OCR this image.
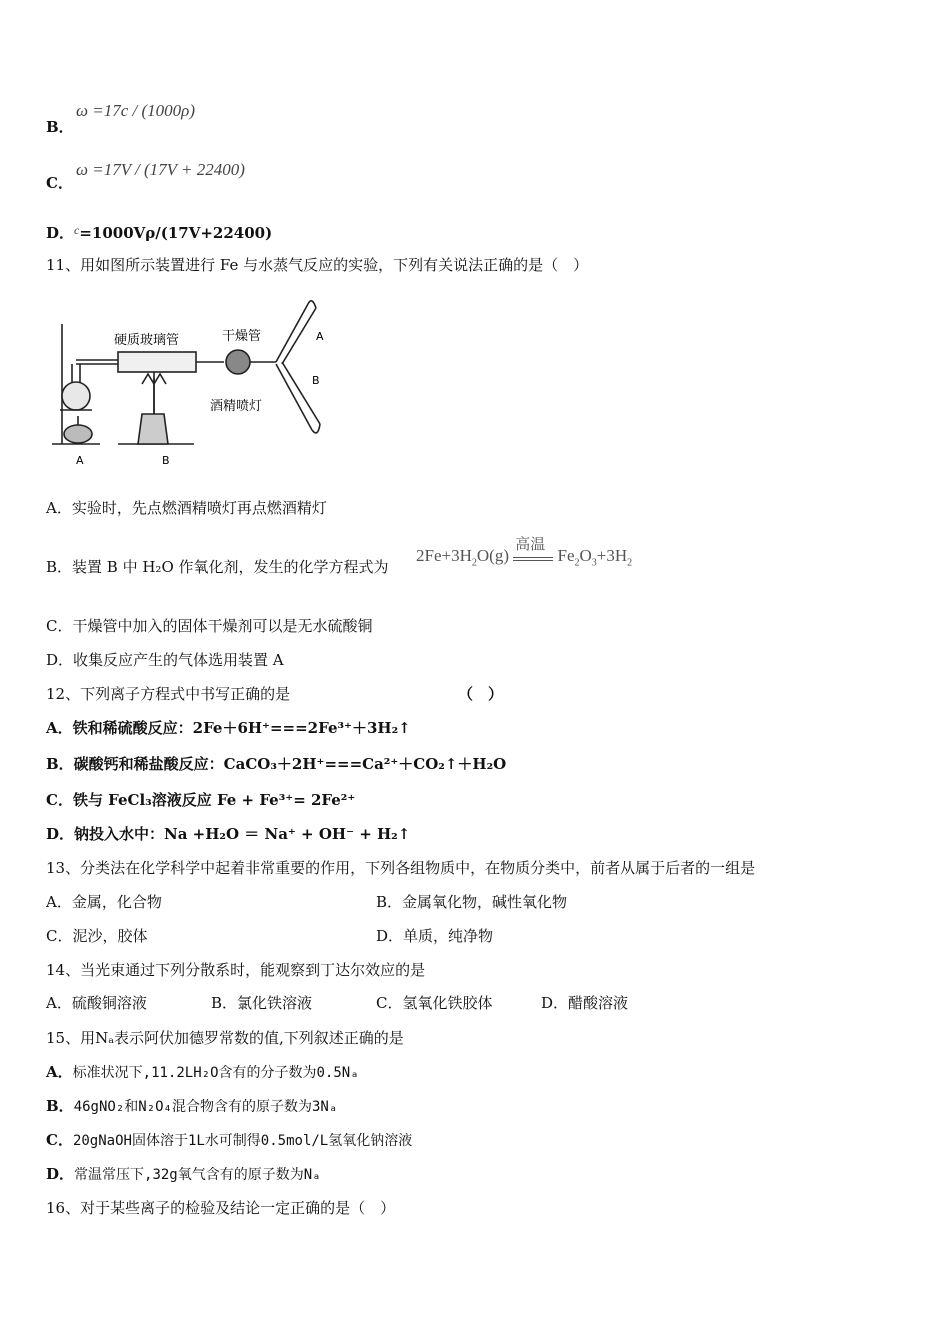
B．
ω =17c / (1000ρ)
C．
ω =17V / (17V + 22400)
D．$^c$=1000Vρ/(17V+22400)
11、用如图所示装置进行 Fe 与水蒸气反应的实验，下列有关说法正确的是（　）
硬质玻璃管	干燥管
酒精喷灯
A	B
A
B
A．实验时，先点燃酒精喷灯再点燃酒精灯
B．装置 B 中 H₂O 作氧化剂，发生的化学方程式为
$2Fe+3H_2O(g)$
高温
$Fe_2O_3+3H_2$
C．干燥管中加入的固体干燥剂可以是无水硫酸铜
D．收集反应产生的气体选用装置 A
12、下列离子方程式中书写正确的是	（　）
A．铁和稀硫酸反应：2Fe＋6H⁺===2Fe³⁺＋3H₂↑
B．碳酸钙和稀盐酸反应：CaCO₃＋2H⁺===Ca²⁺＋CO₂↑＋H₂O
C．铁与 FeCl₃溶液反应 Fe + Fe³⁺= 2Fe²⁺
D．钠投入水中：Na +H₂O ＝ Na⁺ + OH⁻ + H₂↑
13、分类法在化学科学中起着非常重要的作用，下列各组物质中，在物质分类中，前者从属于后者的一组是
A．金属，化合物	B．金属氧化物，碱性氧化物
C．泥沙，胶体	D．单质，纯净物
14、当光束通过下列分散系时，能观察到丁达尔效应的是
A．硫酸铜溶液	B．氯化铁溶液	C．氢氧化铁胶体	D．醋酸溶液
15、用Nₐ表示阿伏加德罗常数的值,下列叙述正确的是
A．标准状况下,11.2LH₂O含有的分子数为0.5Nₐ
B．46gNO₂和N₂O₄混合物含有的原子数为3Nₐ
C．20gNaOH固体溶于1L水可制得0.5mol/L氢氧化钠溶液
D．常温常压下,32g氧气含有的原子数为Nₐ
16、对于某些离子的检验及结论一定正确的是（　）
